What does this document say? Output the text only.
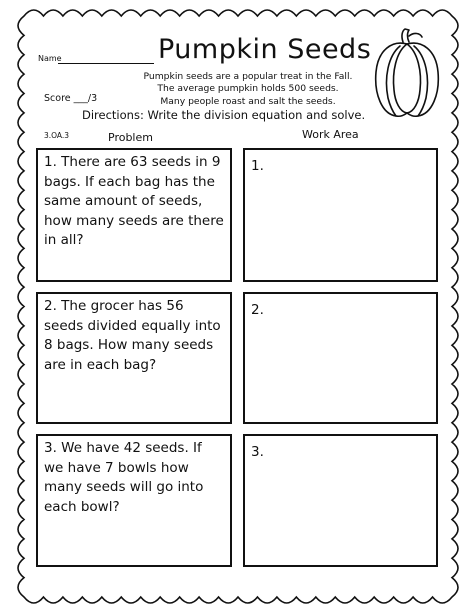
Name	Pumpkin Seeds
Pumpkin seeds are a popular treat in the Fall.
The average pumpkin holds 500 seeds.
Many people roast and salt the seeds.
Score ___/3
Directions: Write the division equation and solve.
3.OA.3	Problem	Work Area
1. There are 63 seeds in 9 bags. If each bag has the same amount of seeds, how many seeds are there in all?
1.
2. The grocer has 56 seeds divided equally into 8 bags. How many seeds are in each bag?
2.
3. We have 42 seeds. If we have 7 bowls how many seeds will go into each bowl?
3.
